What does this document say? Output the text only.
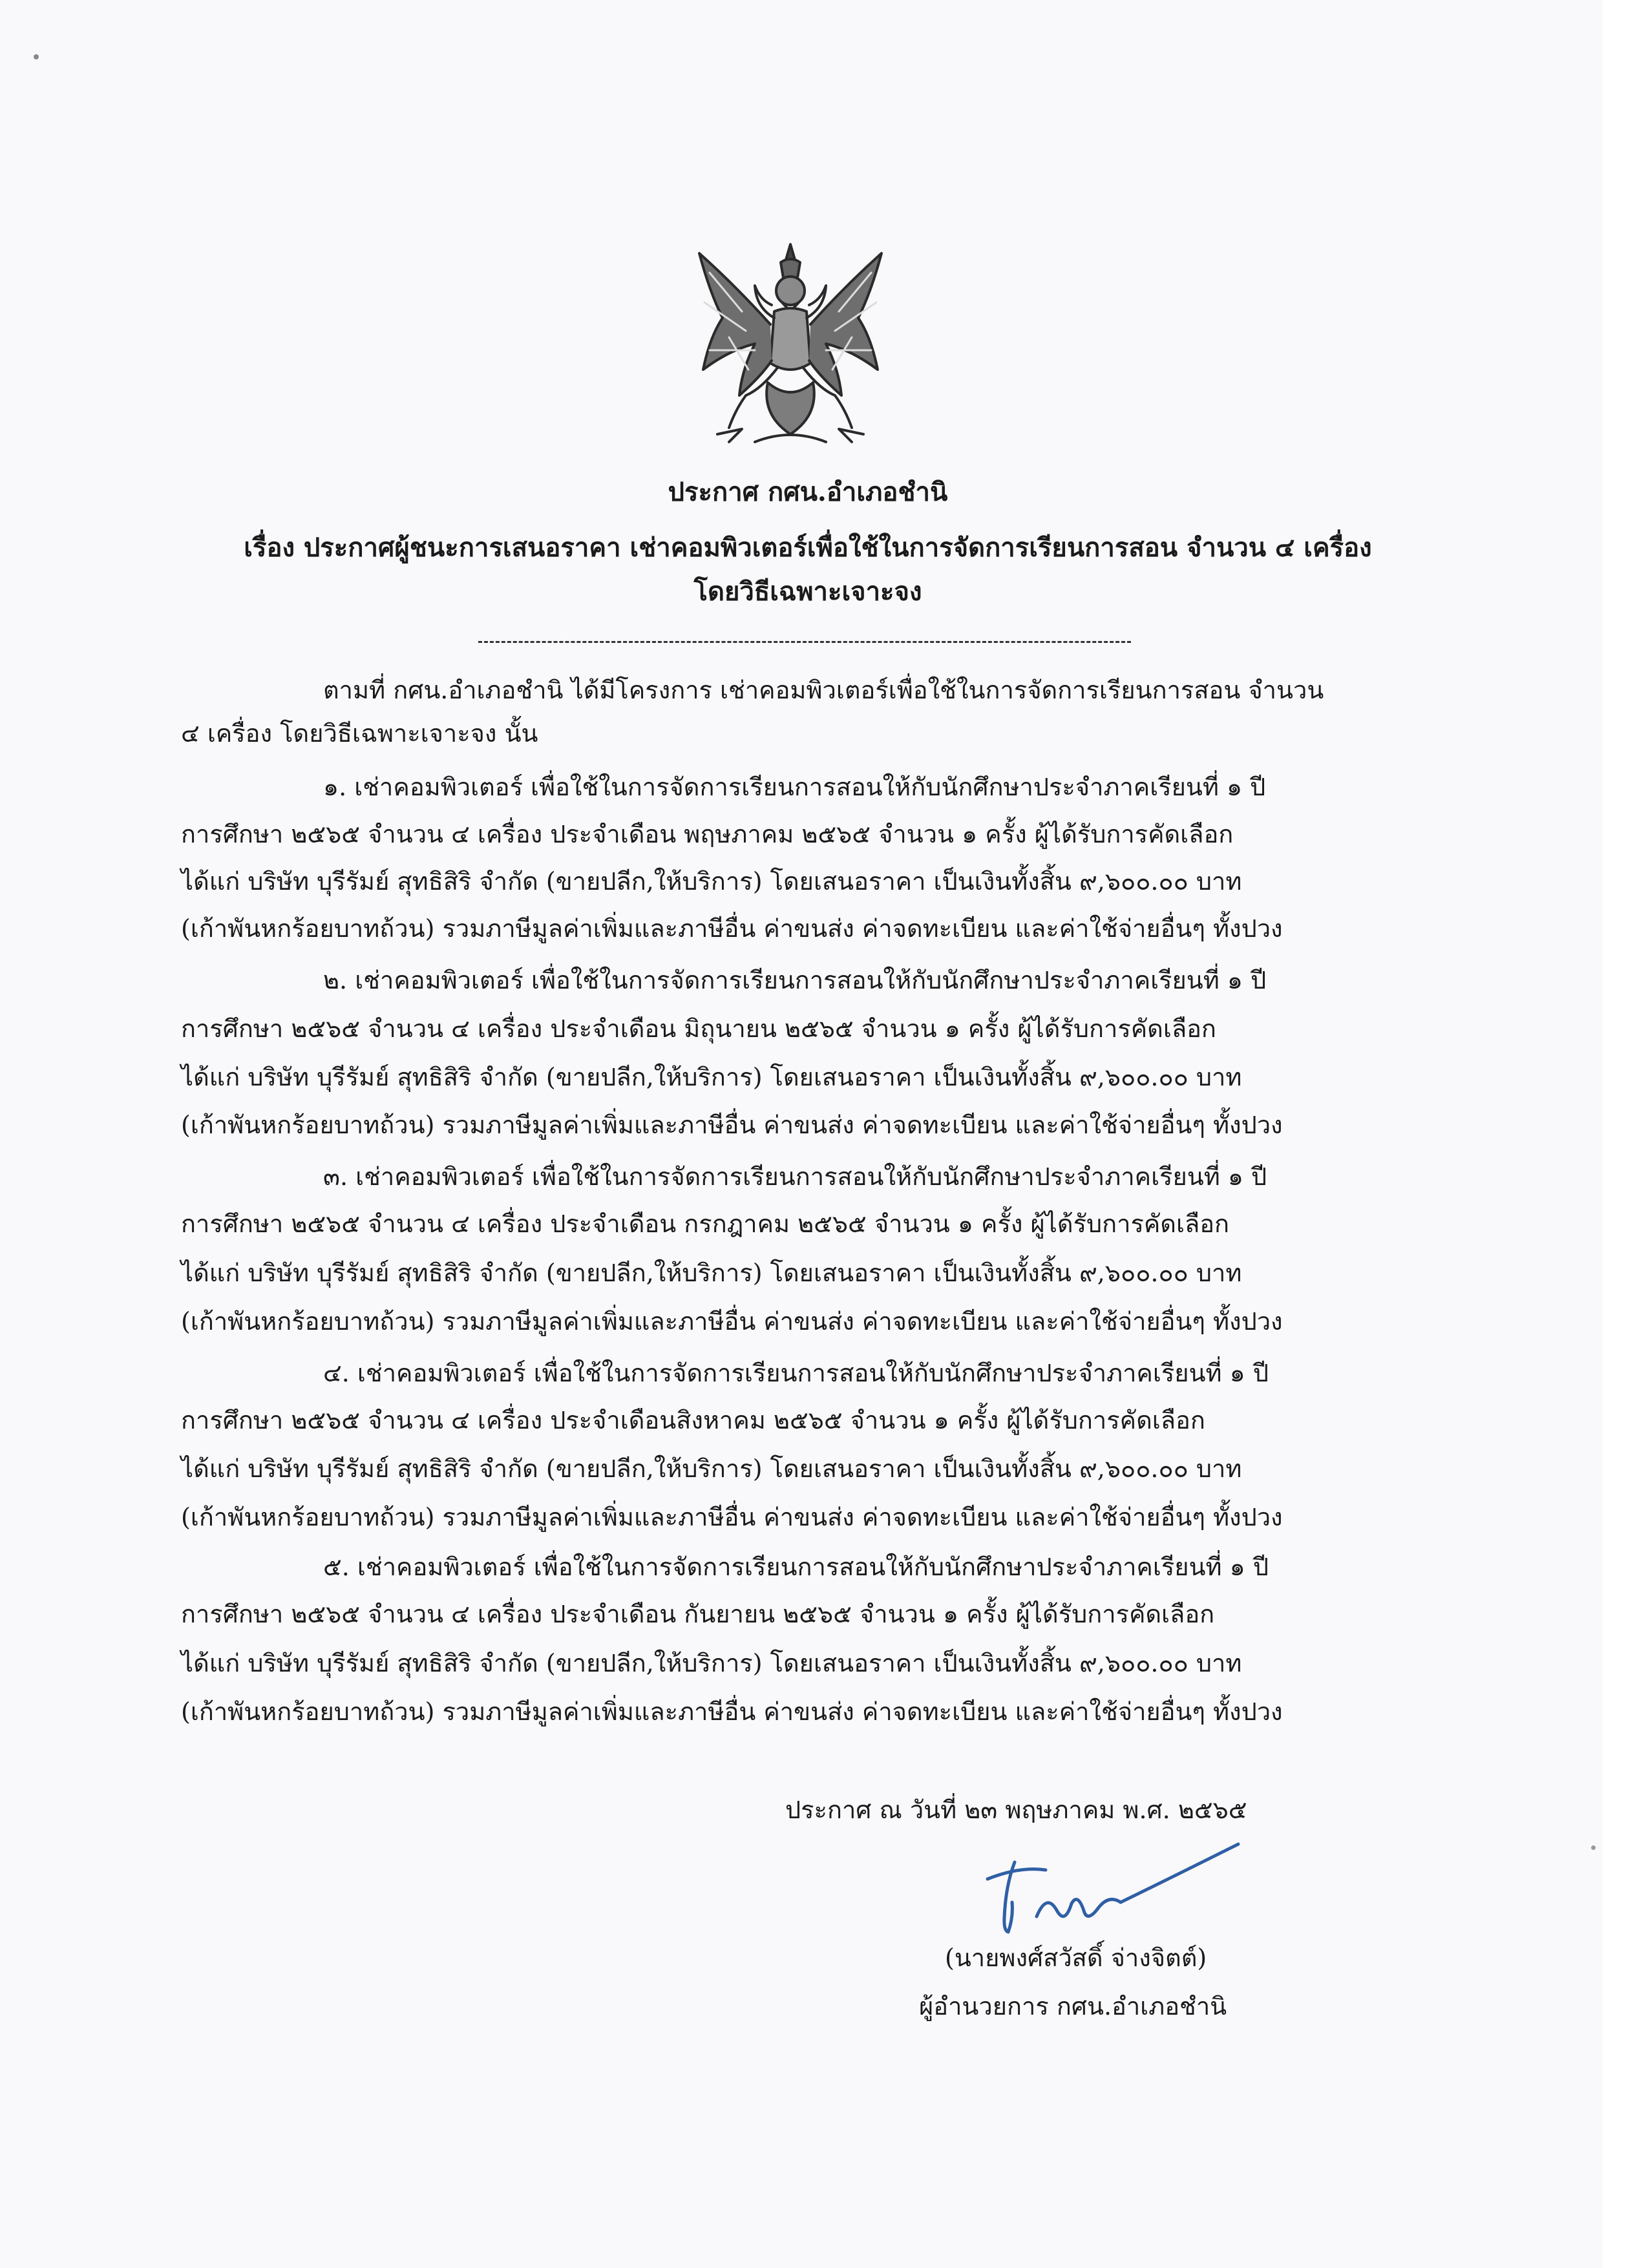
ประกาศ กศน.อำเภอชำนิ
เรื่อง ประกาศผู้ชนะการเสนอราคา เช่าคอมพิวเตอร์เพื่อใช้ในการจัดการเรียนการสอน จำนวน ๔ เครื่อง
โดยวิธีเฉพาะเจาะจง
ตามที่ กศน.อำเภอชำนิ ได้มีโครงการ เช่าคอมพิวเตอร์เพื่อใช้ในการจัดการเรียนการสอน จำนวน
๔ เครื่อง โดยวิธีเฉพาะเจาะจง นั้น
๑. เช่าคอมพิวเตอร์ เพื่อใช้ในการจัดการเรียนการสอนให้กับนักศึกษาประจำภาคเรียนที่ ๑ ปี
การศึกษา ๒๕๖๕ จำนวน ๔ เครื่อง ประจำเดือน พฤษภาคม ๒๕๖๕ จำนวน ๑ ครั้ง ผู้ได้รับการคัดเลือก
ได้แก่ บริษัท บุรีรัมย์ สุทธิสิริ จำกัด (ขายปลีก,ให้บริการ) โดยเสนอราคา เป็นเงินทั้งสิ้น ๙,๖๐๐.๐๐ บาท
(เก้าพันหกร้อยบาทถ้วน) รวมภาษีมูลค่าเพิ่มและภาษีอื่น ค่าขนส่ง ค่าจดทะเบียน และค่าใช้จ่ายอื่นๆ ทั้งปวง
๒. เช่าคอมพิวเตอร์ เพื่อใช้ในการจัดการเรียนการสอนให้กับนักศึกษาประจำภาคเรียนที่ ๑ ปี
การศึกษา ๒๕๖๕ จำนวน ๔ เครื่อง ประจำเดือน มิถุนายน ๒๕๖๕ จำนวน ๑ ครั้ง ผู้ได้รับการคัดเลือก
ได้แก่ บริษัท บุรีรัมย์ สุทธิสิริ จำกัด (ขายปลีก,ให้บริการ) โดยเสนอราคา เป็นเงินทั้งสิ้น ๙,๖๐๐.๐๐ บาท
(เก้าพันหกร้อยบาทถ้วน) รวมภาษีมูลค่าเพิ่มและภาษีอื่น ค่าขนส่ง ค่าจดทะเบียน และค่าใช้จ่ายอื่นๆ ทั้งปวง
๓. เช่าคอมพิวเตอร์ เพื่อใช้ในการจัดการเรียนการสอนให้กับนักศึกษาประจำภาคเรียนที่ ๑ ปี
การศึกษา ๒๕๖๕ จำนวน ๔ เครื่อง ประจำเดือน กรกฎาคม ๒๕๖๕ จำนวน ๑ ครั้ง ผู้ได้รับการคัดเลือก
ได้แก่ บริษัท บุรีรัมย์ สุทธิสิริ จำกัด (ขายปลีก,ให้บริการ) โดยเสนอราคา เป็นเงินทั้งสิ้น ๙,๖๐๐.๐๐ บาท
(เก้าพันหกร้อยบาทถ้วน) รวมภาษีมูลค่าเพิ่มและภาษีอื่น ค่าขนส่ง ค่าจดทะเบียน และค่าใช้จ่ายอื่นๆ ทั้งปวง
๔. เช่าคอมพิวเตอร์ เพื่อใช้ในการจัดการเรียนการสอนให้กับนักศึกษาประจำภาคเรียนที่ ๑ ปี
การศึกษา ๒๕๖๕ จำนวน ๔ เครื่อง ประจำเดือนสิงหาคม ๒๕๖๕ จำนวน ๑ ครั้ง ผู้ได้รับการคัดเลือก
ได้แก่ บริษัท บุรีรัมย์ สุทธิสิริ จำกัด (ขายปลีก,ให้บริการ) โดยเสนอราคา เป็นเงินทั้งสิ้น ๙,๖๐๐.๐๐ บาท
(เก้าพันหกร้อยบาทถ้วน) รวมภาษีมูลค่าเพิ่มและภาษีอื่น ค่าขนส่ง ค่าจดทะเบียน และค่าใช้จ่ายอื่นๆ ทั้งปวง
๕. เช่าคอมพิวเตอร์ เพื่อใช้ในการจัดการเรียนการสอนให้กับนักศึกษาประจำภาคเรียนที่ ๑ ปี
การศึกษา ๒๕๖๕ จำนวน ๔ เครื่อง ประจำเดือน กันยายน ๒๕๖๕ จำนวน ๑ ครั้ง ผู้ได้รับการคัดเลือก
ได้แก่ บริษัท บุรีรัมย์ สุทธิสิริ จำกัด (ขายปลีก,ให้บริการ) โดยเสนอราคา เป็นเงินทั้งสิ้น ๙,๖๐๐.๐๐ บาท
(เก้าพันหกร้อยบาทถ้วน) รวมภาษีมูลค่าเพิ่มและภาษีอื่น ค่าขนส่ง ค่าจดทะเบียน และค่าใช้จ่ายอื่นๆ ทั้งปวง
ประกาศ ณ วันที่ ๒๓ พฤษภาคม พ.ศ. ๒๕๖๕
(นายพงศ์สวัสดิ์ จ่างจิตต์)
ผู้อำนวยการ กศน.อำเภอชำนิ
